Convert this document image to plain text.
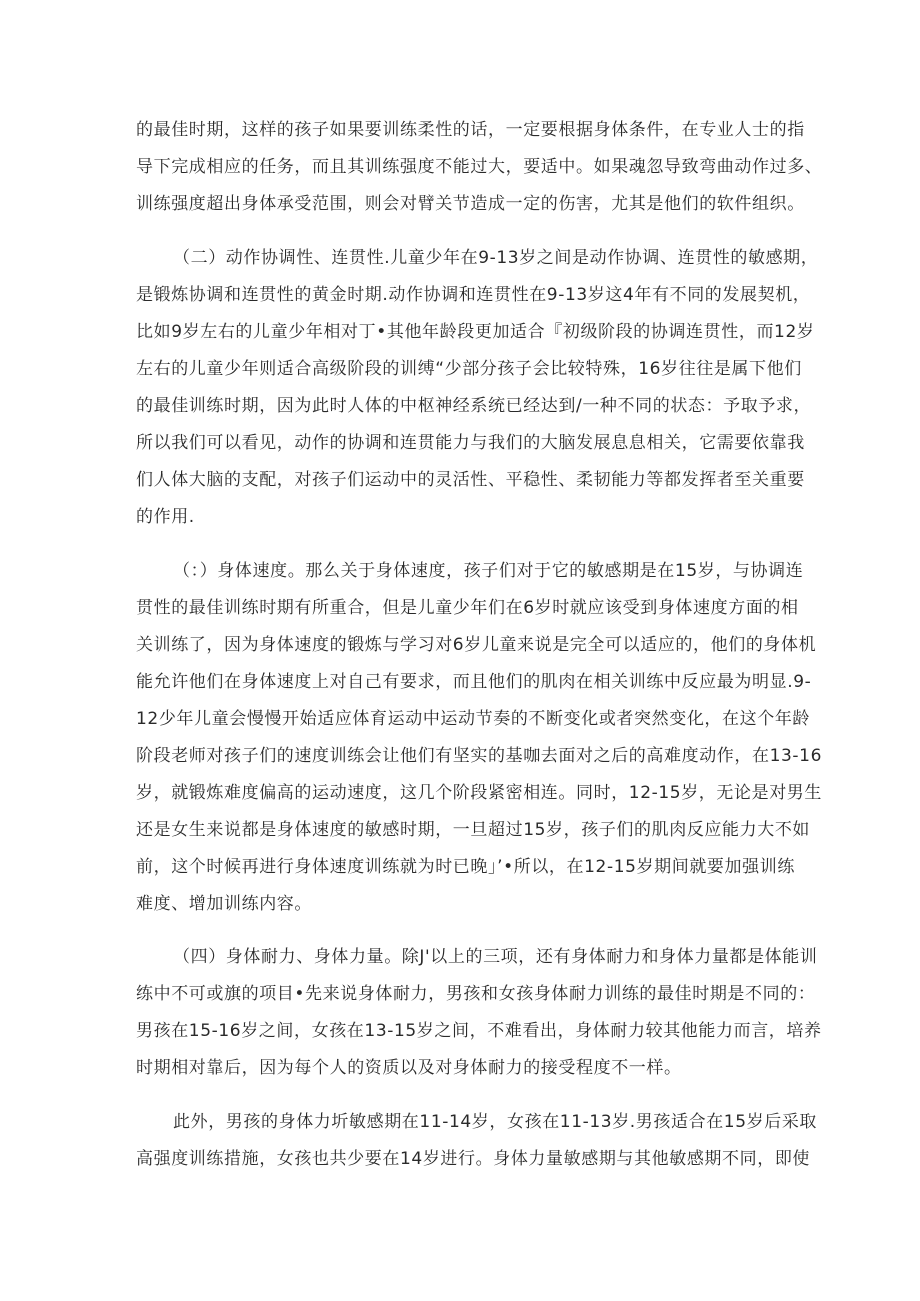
的最佳时期，这样的孩子如果要训练柔性的话，一定要根据身体条件，在专业人士的指
导下完成相应的任务，而且其训练强度不能过大，要适中。如果魂忽导致弯曲动作过多、
训练强度超出身体承受范围，则会对臂关节造成一定的伤害，尤其是他们的软件组织。
（二）动作协调性、连贯性.儿童少年在9-13岁之间是动作协调、连贯性的敏感期，
是锻炼协调和连贯性的黄金时期.动作协调和连贯性在9-13岁这4年有不同的发展契机，
比如9岁左右的儿童少年相对丁•其他年龄段更加适合『初级阶段的协调连贯性，而12岁
左右的儿童少年则适合高级阶段的训缚“少部分孩子会比较特殊，16岁往往是属下他们
的最佳训练时期，因为此时人体的中枢神经系统已经达到/一种不同的状态：予取予求，
所以我们可以看见，动作的协调和连贯能力与我们的大脑发展息息相关，它需要依靠我
们人体大脑的支配，对孩子们运动中的灵活性、平稳性、柔韧能力等都发挥者至关重要
的作用.
（：）身体速度。那么关于身体速度，孩子们对于它的敏感期是在15岁，与协调连
贯性的最佳训练时期有所重合，但是儿童少年们在6岁时就应该受到身体速度方面的相
关训练了，因为身体速度的锻炼与学习对6岁儿童来说是完全可以适应的，他们的身体机
能允许他们在身体速度上对自己有要求，而且他们的肌肉在相关训练中反应最为明显.9-
12少年儿童会慢慢开始适应体育运动中运动节奏的不断变化或者突然变化，在这个年龄
阶段老师对孩子们的速度训练会让他们有坚实的基咖去面对之后的高难度动作，在13-16
岁，就锻炼难度偏高的运动速度，这几个阶段紧密相连。同时，12-15岁，无论是对男生
还是女生来说都是身体速度的敏感时期，一旦超过15岁，孩子们的肌肉反应能力大不如
前，这个时候再进行身体速度训练就为时已晚」’•所以，在12-15岁期间就要加强训练
难度、增加训练内容。
（四）身体耐力、身体力量。除J'以上的三项，还有身体耐力和身体力量都是体能训
练中不可或旗的项目•先来说身体耐力，男孩和女孩身体耐力训练的最佳时期是不同的：
男孩在15-16岁之间，女孩在13-15岁之间，不难看出，身体耐力较其他能力而言，培养
时期相对靠后，因为每个人的资质以及对身体耐力的接受程度不一样。
此外，男孩的身体力圻敏感期在11-14岁，女孩在11-13岁.男孩适合在15岁后采取
高强度训练措施，女孩也共少要在14岁进行。身体力量敏感期与其他敏感期不同，即使
